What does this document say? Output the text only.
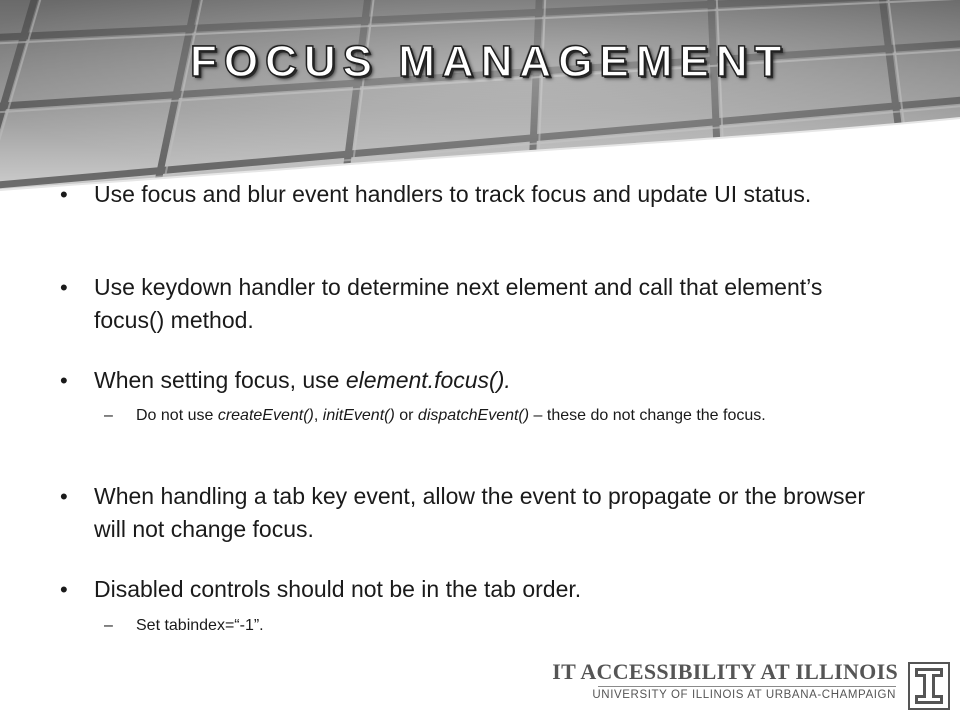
FOCUS MANAGEMENT
• Use focus and blur event handlers to track focus and update UI status.
• Use keydown handler to determine next element and call that element’s focus() method.
• When setting focus, use element.focus().
– Do not use createEvent(), initEvent() or dispatchEvent() – these do not change the focus.
• When handling a tab key event, allow the event to propagate or the browser will not change focus.
• Disabled controls should not be in the tab order.
– Set tabindex=“-1”.
IT ACCESSIBILITY AT ILLINOIS
UNIVERSITY OF ILLINOIS AT URBANA-CHAMPAIGN
